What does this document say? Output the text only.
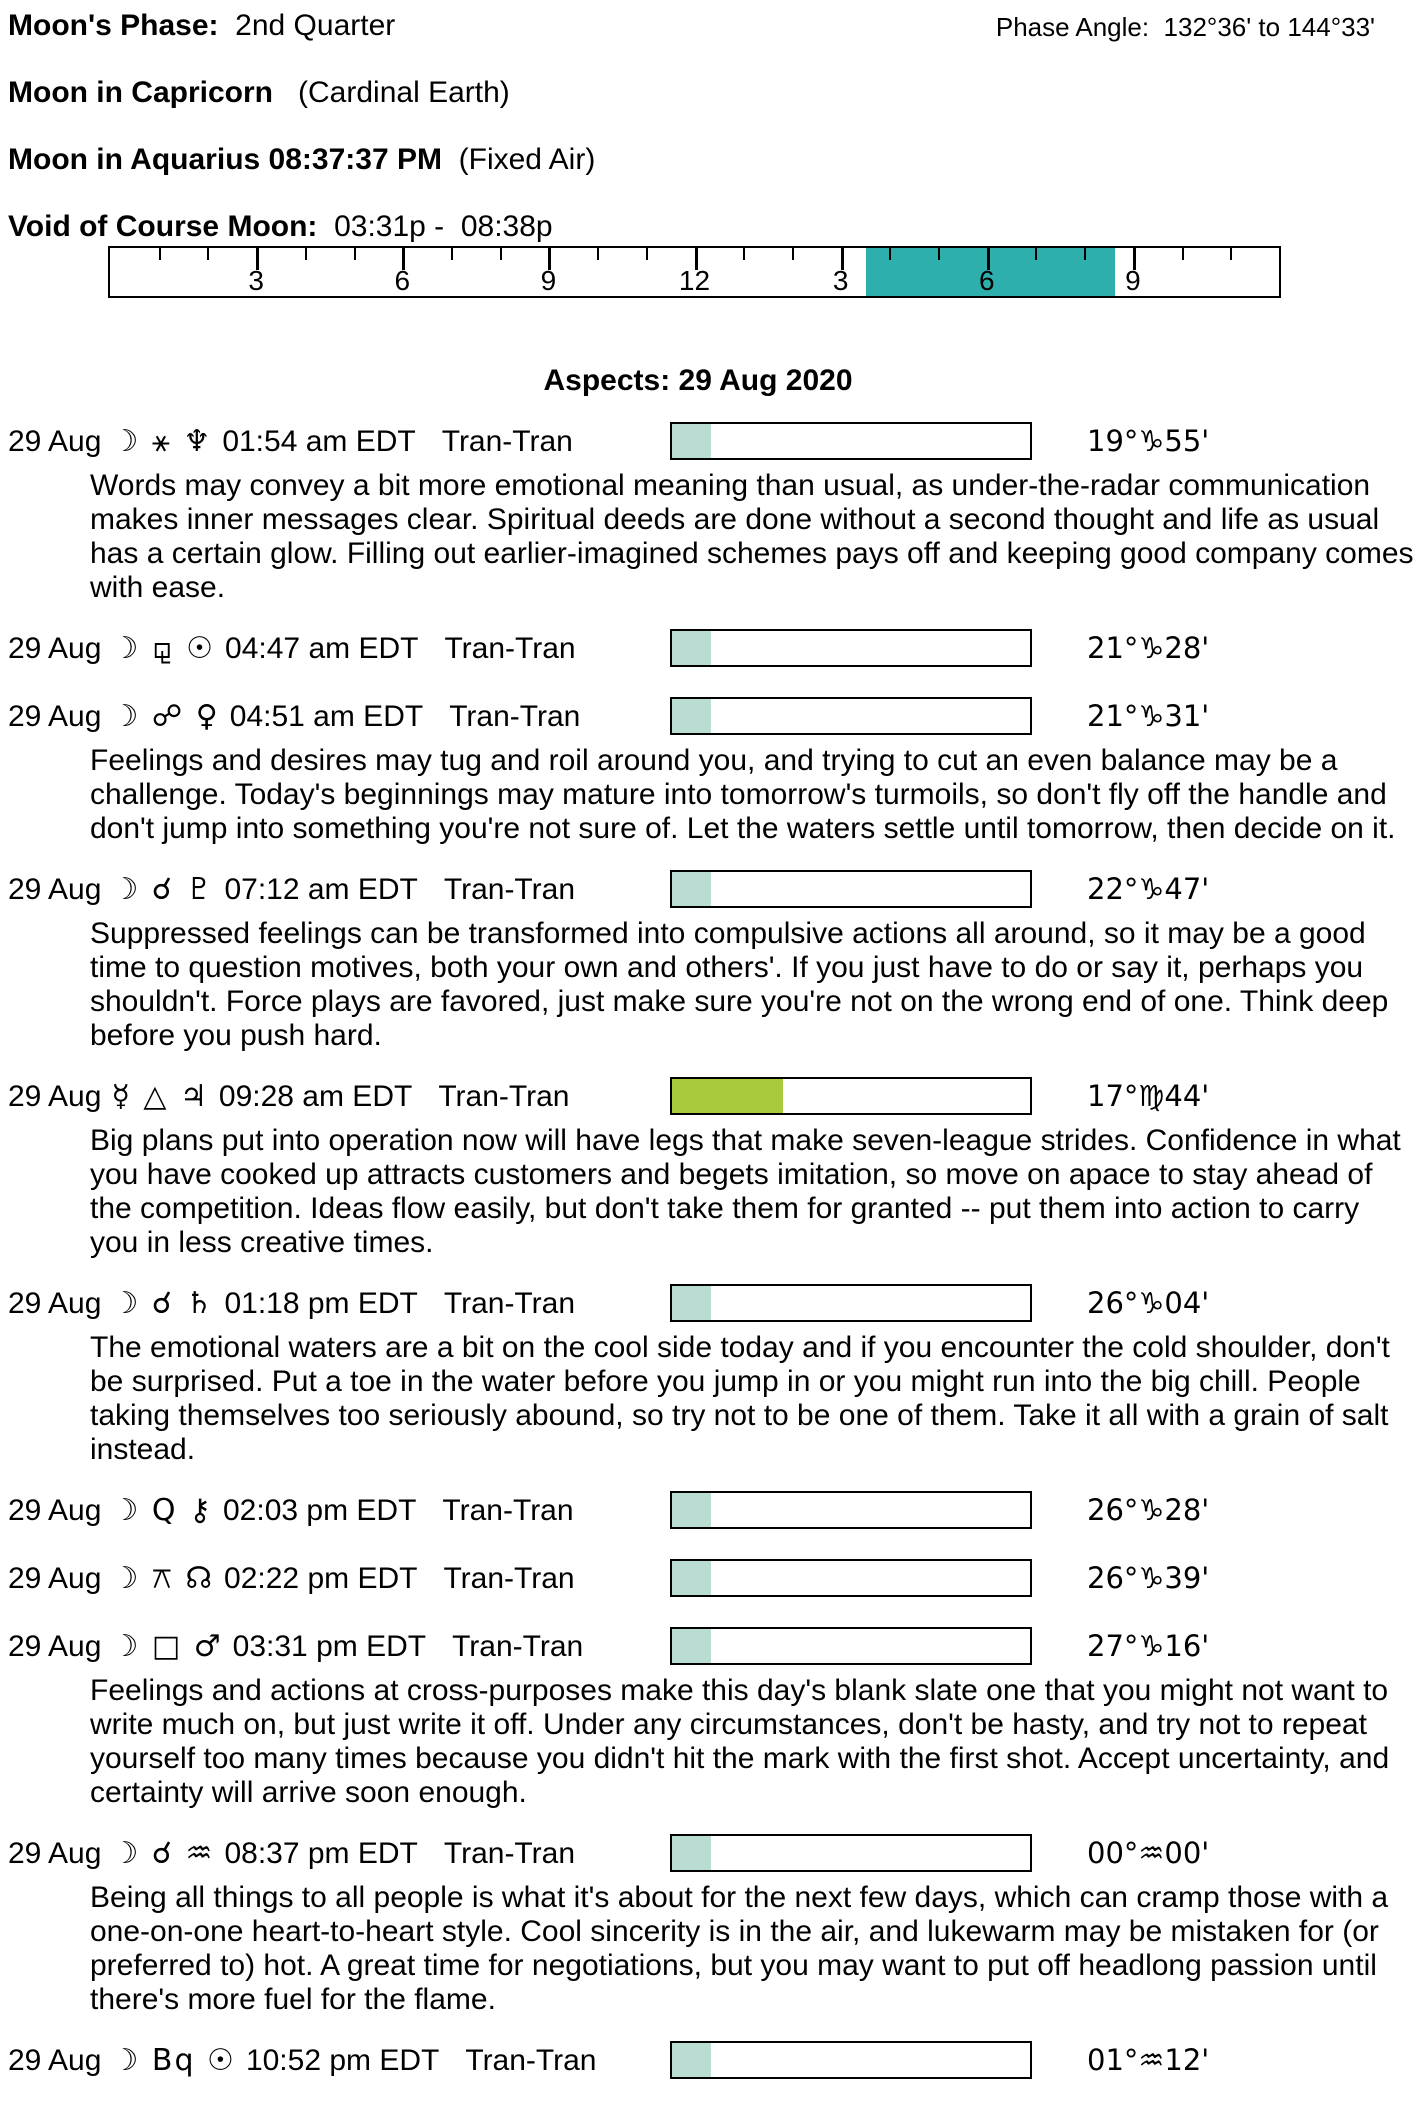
Moon's Phase: 2nd Quarter	Phase Angle: 132°36' to 144°33'
Moon in Capricorn (Cardinal Earth)
Moon in Aquarius 08:37:37 PM (Fixed Air)
Void of Course Moon: 03:31p -  08:38p
3	6	9	12	3	6	9
Aspects: 29 Aug 2020
29 Aug ☽ ⚹ ♆ 01:54 am EDT Tran-Tran	19°♑55'

Words may convey a bit more emotional meaning than usual, as under-the-radar communication makes inner messages clear. Spiritual deeds are done without a second thought and life as usual has a certain glow. Filling out earlier-imagined schemes pays off and keeping good company comes with ease.

29 Aug ☽ ⚼ ☉ 04:47 am EDT Tran-Tran	21°♑28'
29 Aug ☽ ☍ ♀ 04:51 am EDT Tran-Tran	21°♑31'

Feelings and desires may tug and roil around you, and trying to cut an even balance may be a challenge. Today's beginnings may mature into tomorrow's turmoils, so don't fly off the handle and don't jump into something you're not sure of. Let the waters settle until tomorrow, then decide on it.

29 Aug ☽ ☌ ♇ 07:12 am EDT Tran-Tran	22°♑47'

Suppressed feelings can be transformed into compulsive actions all around, so it may be a good time to question motives, both your own and others'. If you just have to do or say it, perhaps you shouldn't. Force plays are favored, just make sure you're not on the wrong end of one. Think deep before you push hard.

29 Aug ☿ △ ♃ 09:28 am EDT Tran-Tran	17°♍44'

Big plans put into operation now will have legs that make seven-league strides. Confidence in what you have cooked up attracts customers and begets imitation, so move on apace to stay ahead of the competition. Ideas flow easily, but don't take them for granted -- put them into action to carry you in less creative times.

29 Aug ☽ ☌ ♄ 01:18 pm EDT Tran-Tran	26°♑04'

The emotional waters are a bit on the cool side today and if you encounter the cold shoulder, don't be surprised. Put a toe in the water before you jump in or you might run into the big chill. People taking themselves too seriously abound, so try not to be one of them. Take it all with a grain of salt instead.

29 Aug ☽ Q ⚷ 02:03 pm EDT Tran-Tran	26°♑28'
29 Aug ☽ ⚻ ☊ 02:22 pm EDT Tran-Tran	26°♑39'
29 Aug ☽ □ ♂ 03:31 pm EDT Tran-Tran	27°♑16'

Feelings and actions at cross-purposes make this day's blank slate one that you might not want to write much on, but just write it off. Under any circumstances, don't be hasty, and try not to repeat yourself too many times because you didn't hit the mark with the first shot. Accept uncertainty, and certainty will arrive soon enough.

29 Aug ☽ ☌ ♒ 08:37 pm EDT Tran-Tran	00°♒00'

Being all things to all people is what it's about for the next few days, which can cramp those with a one-on-one heart-to-heart style. Cool sincerity is in the air, and lukewarm may be mistaken for (or preferred to) hot. A great time for negotiations, but you may want to put off headlong passion until there's more fuel for the flame.

29 Aug ☽ Bq ☉ 10:52 pm EDT Tran-Tran	01°♒12'
